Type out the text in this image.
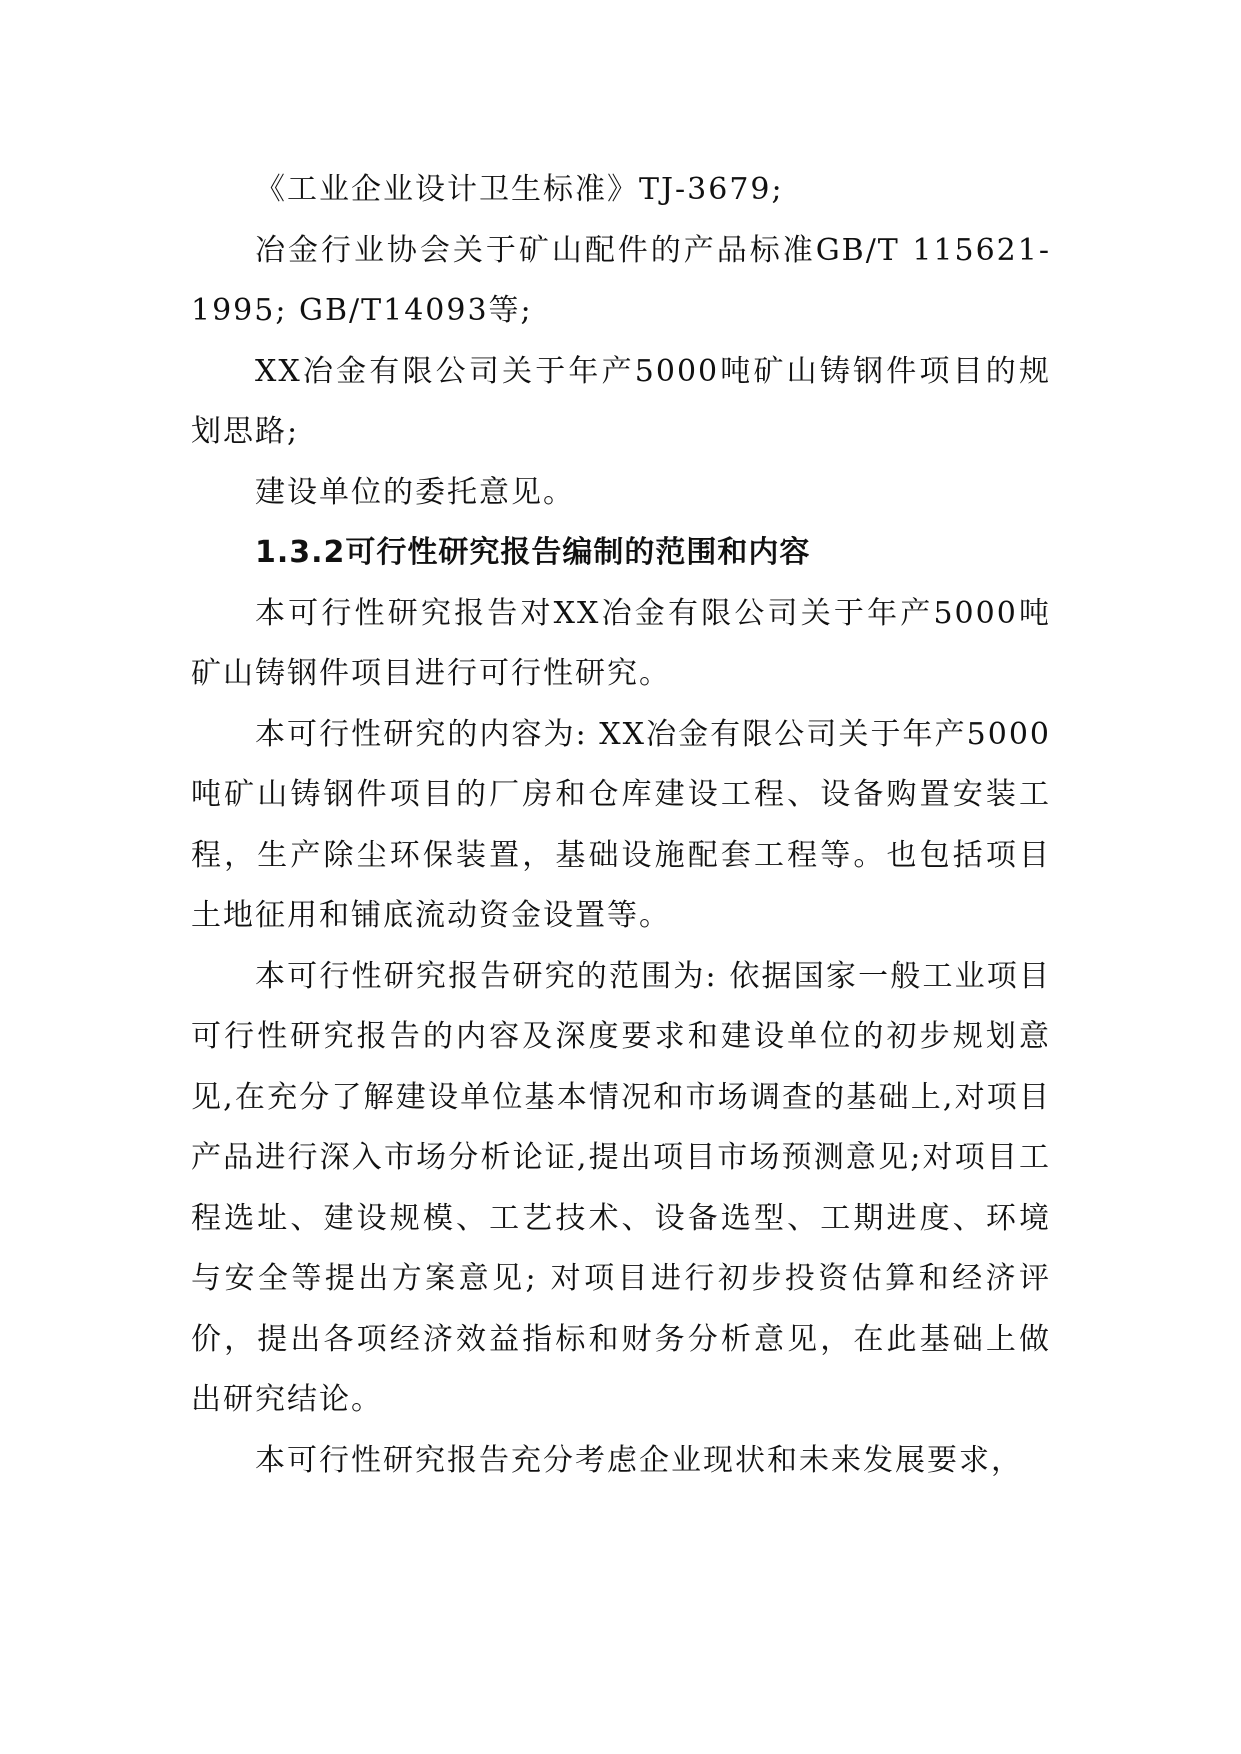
《工业企业设计卫生标准》TJ-3679;

冶金行业协会关于矿山配件的产品标准GB/T 115621-1995; GB/T14093等;

XX冶金有限公司关于年产5000吨矿山铸钢件项目的规划思路;

建设单位的委托意见。

1.3.2可行性研究报告编制的范围和内容

本可行性研究报告对XX冶金有限公司关于年产5000吨矿山铸钢件项目进行可行性研究。

本可行性研究的内容为: XX冶金有限公司关于年产5000吨矿山铸钢件项目的厂房和仓库建设工程、设备购置安装工程，生产除尘环保装置，基础设施配套工程等。也包括项目土地征用和铺底流动资金设置等。

本可行性研究报告研究的范围为: 依据国家一般工业项目可行性研究报告的内容及深度要求和建设单位的初步规划意见,在充分了解建设单位基本情况和市场调查的基础上,对项目产品进行深入市场分析论证,提出项目市场预测意见;对项目工程选址、建设规模、工艺技术、设备选型、工期进度、环境与安全等提出方案意见; 对项目进行初步投资估算和经济评价，提出各项经济效益指标和财务分析意见，在此基础上做出研究结论。

本可行性研究报告充分考虑企业现状和未来发展要求，
